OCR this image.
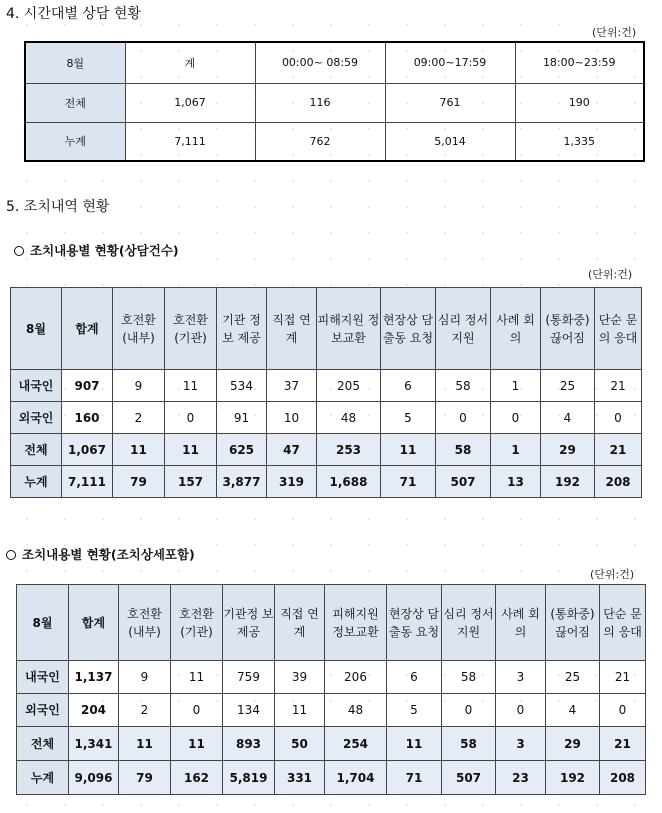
4. 시간대별 상담 현황
(단위:건)
8월	계	00:00~ 08:59	09:00~17:59	18:00~23:59
전체	1,067	116	761	190
누계	7,111	762	5,014	1,335
5. 조치내역 현황
조치내용별 현황(상담건수)
(단위:건)
8월	합계	호전환 (내부)	호전환 (기관)	기관 정보 제공	직접 연계	피해지원 정보교환	현장상 담출동 요청	심리 정서 지원	사례 회의	(통화중) 끊어짐	단순 문의 응대
내국인	907	9	11	534	37	205	6	58	1	25	21
외국인	160	2	0	91	10	48	5	0	0	4	0
전체	1,067	11	11	625	47	253	11	58	1	29	21
누계	7,111	79	157	3,877	319	1,688	71	507	13	192	208
조치내용별 현황(조치상세포함)
(단위:건)
8월	합계	호전환 (내부)	호전환 (기관)	기관정 보제공	직접 연계	피해지원 정보교환	현장상 담출동 요청	심리 정서 지원	사례 회의	(통화중) 끊어짐	단순 문의 응대
내국인	1,137	9	11	759	39	206	6	58	3	25	21
외국인	204	2	0	134	11	48	5	0	0	4	0
전체	1,341	11	11	893	50	254	11	58	3	29	21
누계	9,096	79	162	5,819	331	1,704	71	507	23	192	208
